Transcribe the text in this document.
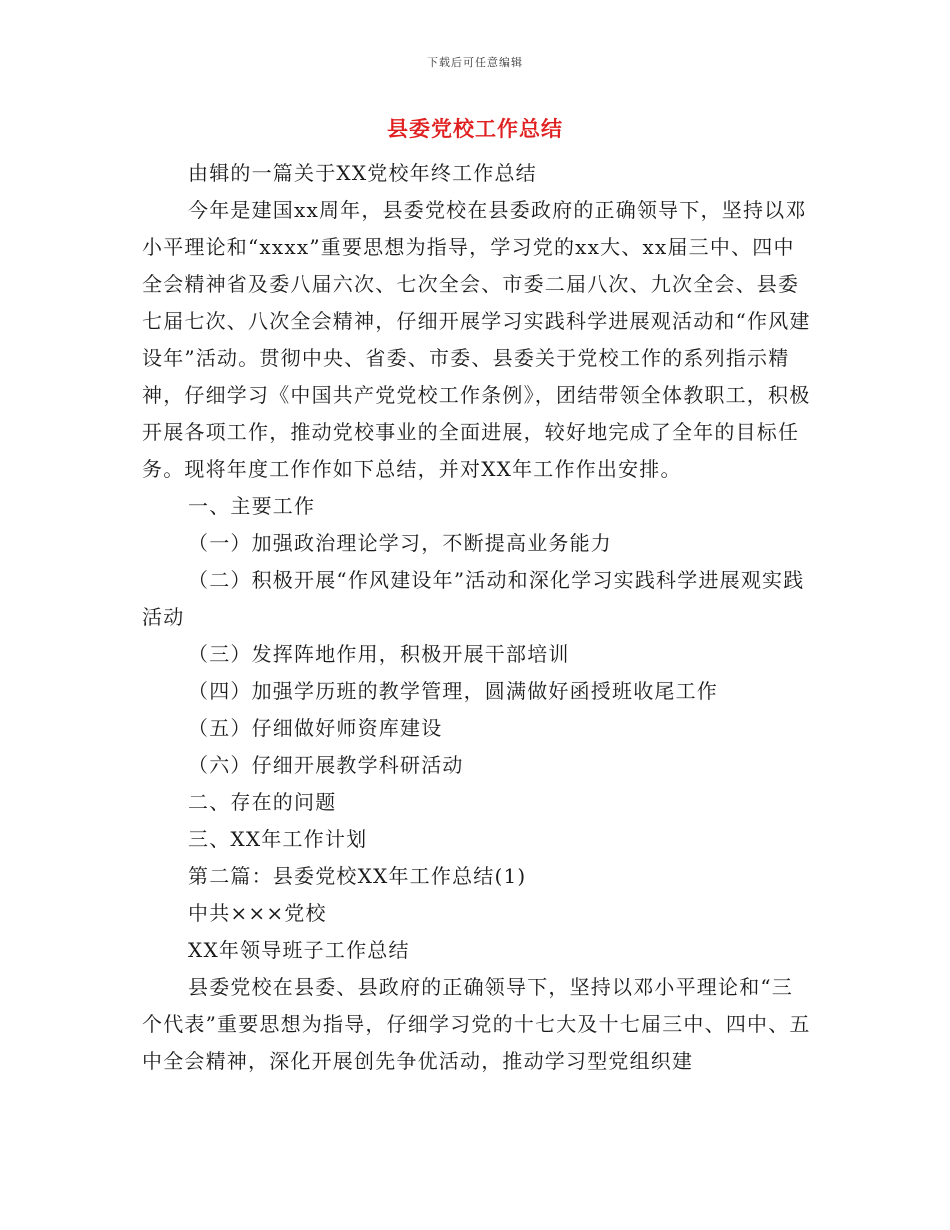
下载后可任意编辑
县委党校工作总结

由辑的一篇关于XX党校年终工作总结

今年是建国xx周年，县委党校在县委政府的正确领导下，坚持以邓小平理论和“xxxx”重要思想为指导，学习党的xx大、xx届三中、四中全会精神省及委八届六次、七次全会、市委二届八次、九次全会、县委七届七次、八次全会精神，仔细开展学习实践科学进展观活动和“作风建设年”活动。贯彻中央、省委、市委、县委关于党校工作的系列指示精神，仔细学习《中国共产党党校工作条例》，团结带领全体教职工，积极开展各项工作，推动党校事业的全面进展，较好地完成了全年的目标任务。现将年度工作作如下总结，并对XX年工作作出安排。

一、主要工作

（一）加强政治理论学习，不断提高业务能力

（二）积极开展“作风建设年”活动和深化学习实践科学进展观实践活动

（三）发挥阵地作用，积极开展干部培训

（四）加强学历班的教学管理，圆满做好函授班收尾工作

（五）仔细做好师资库建设

（六）仔细开展教学科研活动

二、存在的问题

三、XX年工作计划

第二篇：县委党校XX年工作总结(1)

中共×××党校

XX年领导班子工作总结

县委党校在县委、县政府的正确领导下，坚持以邓小平理论和“三个代表”重要思想为指导，仔细学习党的十七大及十七届三中、四中、五中全会精神，深化开展创先争优活动，推动学习型党组织建
